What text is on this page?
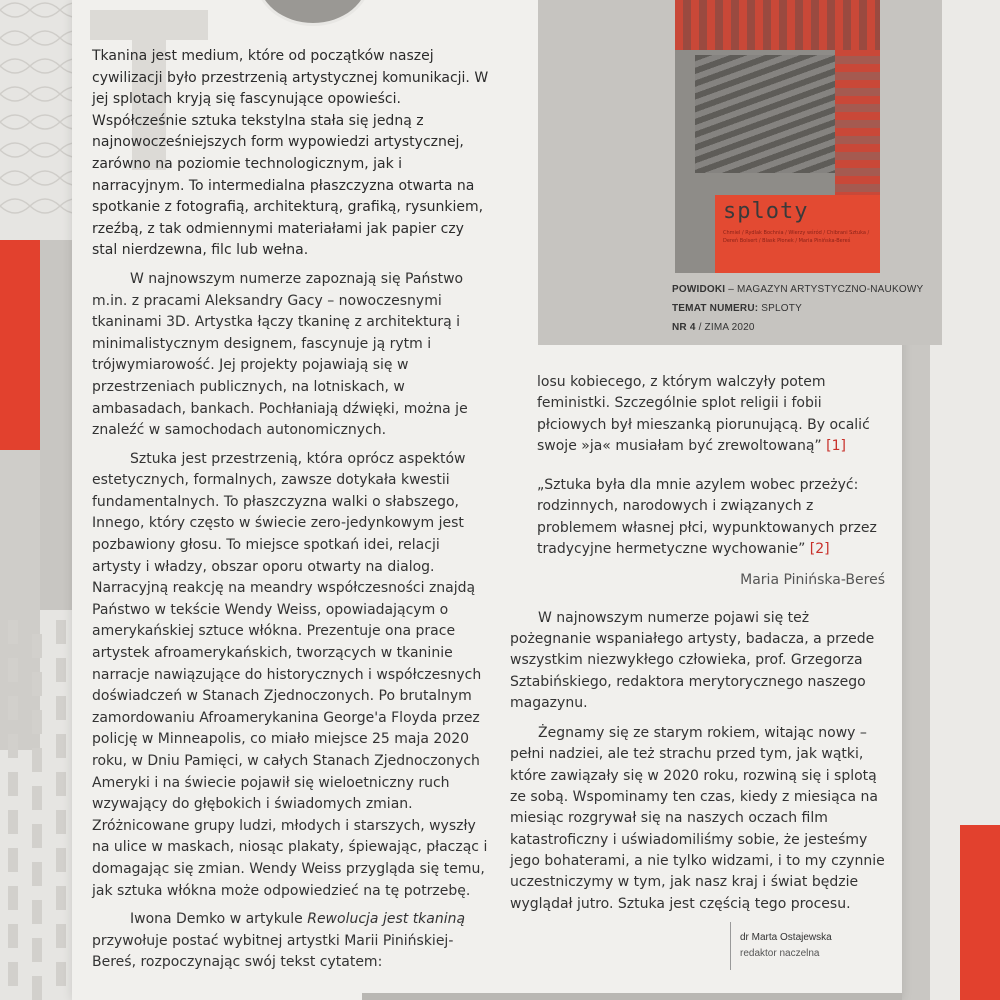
Tkanina jest medium, które od początków naszej cywilizacji było przestrzenią artystycznej komunikacji. W jej splotach kryją się fascynujące opowieści. Współcześnie sztuka tekstylna stała się jedną z najnowocześniejszych form wypowiedzi artystycznej, zarówno na poziomie technologicznym, jak i narracyjnym. To intermedialna płaszczyzna otwarta na spotkanie z fotografią, architekturą, grafiką, rysunkiem, rzeźbą, z tak odmiennymi materiałami jak papier czy stal nierdzewna, filc lub wełna.

W najnowszym numerze zapoznają się Państwo m.in. z pracami Aleksandry Gacy – nowoczesnymi tkaninami 3D. Artystka łączy tkaninę z architekturą i minimalistycznym designem, fascynuje ją rytm i trójwymiarowość. Jej projekty pojawiają się w przestrzeniach publicznych, na lotniskach, w ambasadach, bankach. Pochłaniają dźwięki, można je znaleźć w samochodach autonomicznych.

Sztuka jest przestrzenią, która oprócz aspektów estetycznych, formalnych, zawsze dotykała kwestii fundamentalnych. To płaszczyzna walki o słabszego, Innego, który często w świecie zero-jedynkowym jest pozbawiony głosu. To miejsce spotkań idei, relacji artysty i władzy, obszar oporu otwarty na dialog. Narracyjną reakcję na meandry współczesności znajdą Państwo w tekście Wendy Weiss, opowiadającym o amerykańskiej sztuce włókna. Prezentuje ona prace artystek afroamerykańskich, tworzących w tkaninie narracje nawiązujące do historycznych i współczesnych doświadczeń w Stanach Zjednoczonych. Po brutalnym zamordowaniu Afroamerykanina George'a Floyda przez policję w Minneapolis, co miało miejsce 25 maja 2020 roku, w Dniu Pamięci, w całych Stanach Zjednoczonych Ameryki i na świecie pojawił się wieloetniczny ruch wzywający do głębokich i świadomych zmian. Zróżnicowane grupy ludzi, młodych i starszych, wyszły na ulice w maskach, niosąc plakaty, śpiewając, płacząc i domagając się zmian. Wendy Weiss przygląda się temu, jak sztuka włókna może odpowiedzieć na tę potrzebę.

Iwona Demko w artykule Rewolucja jest tkaniną przywołuje postać wybitnej artystki Marii Pinińskiej-Bereś, rozpoczynając swój tekst cytatem:

sploty
Chmiel / Rydlak Bochnia / Wierzy wśród / Chibrani Sztuka / Dereń Bolsert / Blask Płonek / Maria Pinińska-Bereś
POWIDOKI – MAGAZYN ARTYSTYCZNO-NAUKOWY
TEMAT NUMERU: SPLOTY
NR 4 / ZIMA 2020

losu kobiecego, z którym walczyły potem feministki. Szczególnie splot religii i fobii płciowych był mieszanką piorunującą. By ocalić swoje »ja« musiałam być zrewoltowaną” [1]

„Sztuka była dla mnie azylem wobec przeżyć: rodzinnych, narodowych i związanych z problemem własnej płci, wypunktowanych przez tradycyjne hermetyczne wychowanie” [2]

Maria Pinińska-Bereś

W najnowszym numerze pojawi się też pożegnanie wspaniałego artysty, badacza, a przede wszystkim niezwykłego człowieka, prof. Grzegorza Sztabińskiego, redaktora merytorycznego naszego magazynu.

Żegnamy się ze starym rokiem, witając nowy – pełni nadziei, ale też strachu przed tym, jak wątki, które zawiązały się w 2020 roku, rozwiną się i splotą ze sobą. Wspominamy ten czas, kiedy z miesiąca na miesiąc rozgrywał się na naszych oczach film katastroficzny i uświadomiliśmy sobie, że jesteśmy jego bohaterami, a nie tylko widzami, i to my czynnie uczestniczymy w tym, jak nasz kraj i świat będzie wyglądał jutro. Sztuka jest częścią tego procesu.

dr Marta Ostajewska
redaktor naczelna
